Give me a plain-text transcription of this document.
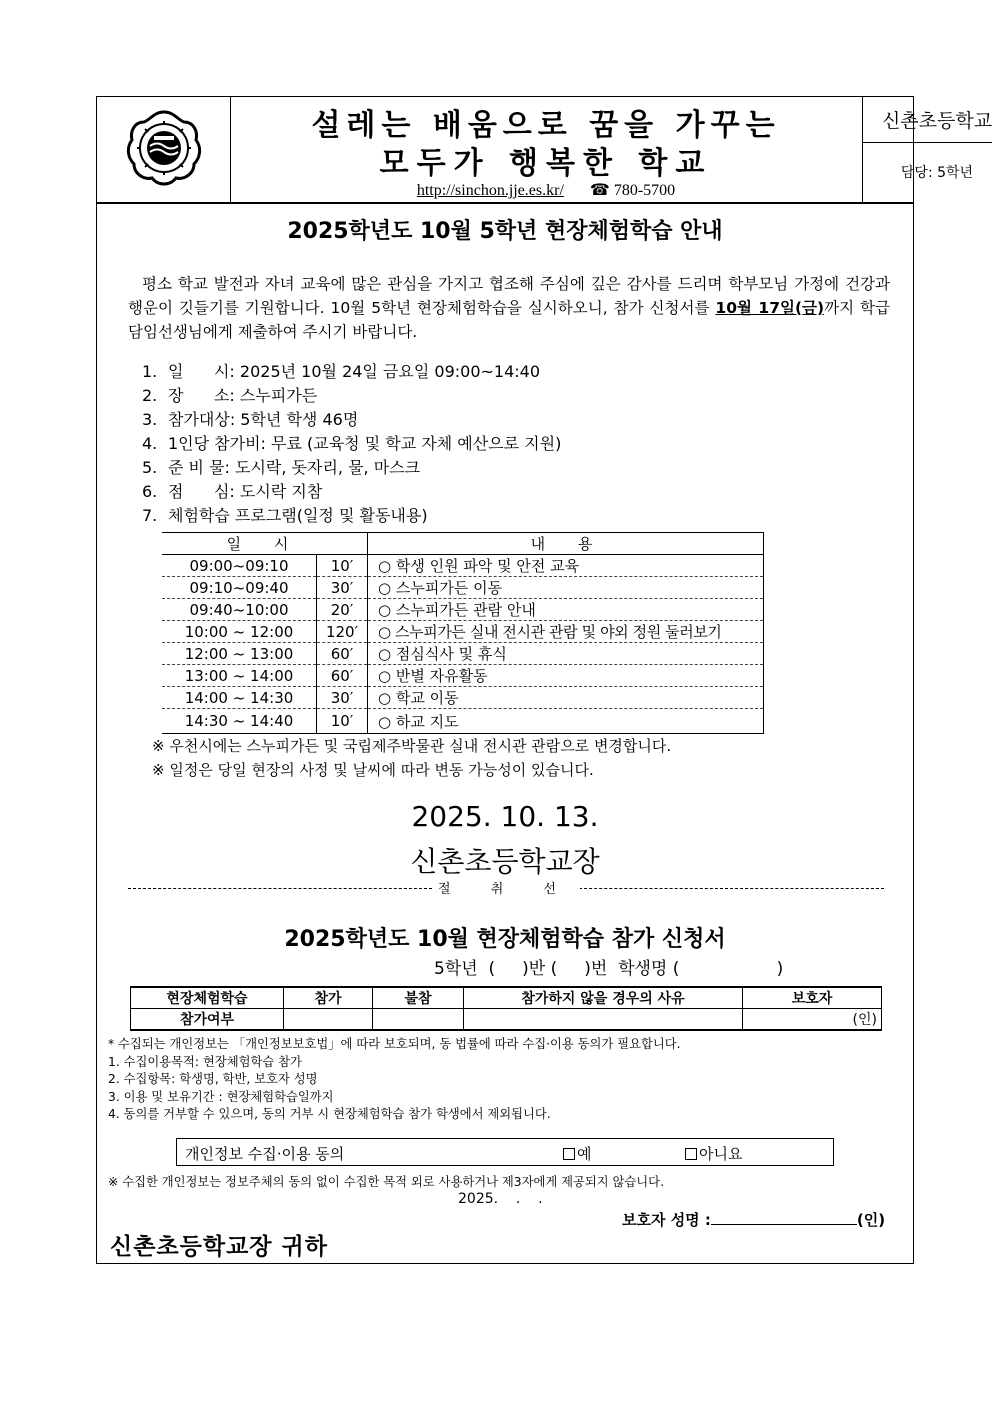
설레는 배움으로 꿈을 가꾸는
모두가 행복한 학교
http://sinchon.jje.es.kr/ ☎ 780-5700
신촌초등학교
담당: 5학년
2025학년도 10월 5학년 현장체험학습 안내
평소 학교 발전과 자녀 교육에 많은 관심을 가지고 협조해 주심에 깊은 감사를 드리며 학부모님 가정에 건강과 행운이 깃들기를 기원합니다. 10월 5학년 현장체험학습을 실시하오니, 참가 신청서를 10월 17일(금)까지 학급 담임선생님에게 제출하여 주시기 바랍니다.
1. 일      시: 2025년 10월 24일 금요일 09:00~14:40
2. 장      소: 스누피가든
3. 참가대상: 5학년 학생 46명
4. 1인당 참가비: 무료 (교육청 및 학교 자체 예산으로 지원)
5. 준 비 물: 도시락, 돗자리, 물, 마스크
6. 점      심: 도시락 지참
7. 체험학습 프로그램(일정 및 활동내용)
일 시		내 용
09:00~09:10	10′	○ 학생 인원 파악 및 안전 교육
09:10~09:40	30′	○ 스누피가든 이동
09:40~10:00	20′	○ 스누피가든 관람 안내
10:00 ~ 12:00	120′	○ 스누피가든 실내 전시관 관람 및 야외 정원 둘러보기
12:00 ~ 13:00	60′	○ 점심식사 및 휴식
13:00 ~ 14:00	60′	○ 반별 자유활동
14:00 ~ 14:30	30′	○ 학교 이동
14:30 ~ 14:40	10′	○ 하교 지도
※ 우천시에는 스누피가든 및 국립제주박물관 실내 전시관 관람으로 변경합니다.
※ 일정은 당일 현장의 사정 및 날씨에 따라 변동 가능성이 있습니다.
2025. 10. 13.
신촌초등학교장
절 취 선
2025학년도 10월 현장체험학습 참가 신청서
5학년  (     )반 (     )번  학생명 (                  )
현장체험학습	참가	불참	참가하지 않을 경우의 사유	보호자
참가여부				(인)
* 수집되는 개인정보는 「개인정보보호법」에 따라 보호되며, 동 법률에 따라 수집·이용 동의가 필요합니다.
1. 수집이용목적: 현장체험학습 참가
2. 수집항목: 학생명, 학반, 보호자 성명
3. 이용 및 보유기간 : 현장체험학습일까지
4. 동의를 거부할 수 있으며, 동의 거부 시 현장체험학습 참가 학생에서 제외됩니다.
개인정보 수집·이용 동의	예	아니요
※ 수집한 개인정보는 정보주체의 동의 없이 수집한 목적 외로 사용하거나 제3자에게 제공되지 않습니다.
2025.    .    .
보호자 성명 :	(인)
신촌초등학교장 귀하
